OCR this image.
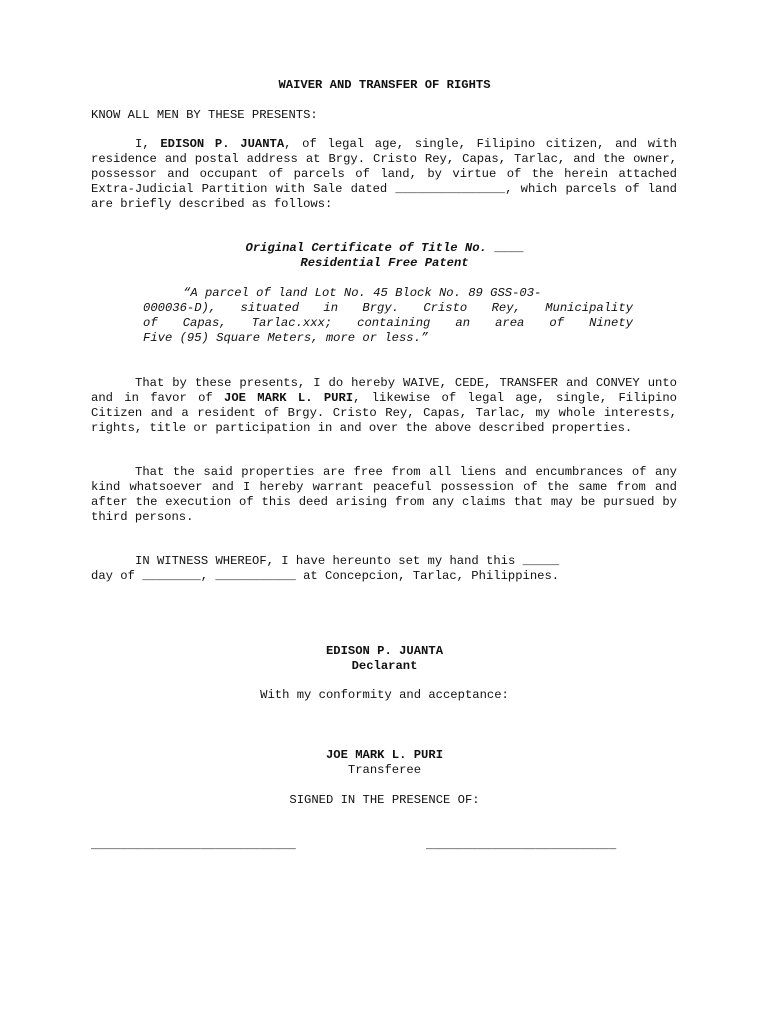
WAIVER AND TRANSFER OF RIGHTS
KNOW ALL MEN BY THESE PRESENTS:

I, EDISON P. JUANTA, of legal age, single, Filipino citizen, and with residence and postal address at Brgy. Cristo Rey, Capas, Tarlac, and the owner, possessor and occupant of parcels of land, by virtue of the herein attached Extra-Judicial Partition with Sale dated _______________, which parcels of land are briefly described as follows:

Original Certificate of Title No. ____
Residential Free Patent
“A parcel of land Lot No. 45 Block No. 89 GSS-03-
000036-D), situated in Brgy. Cristo Rey, Municipality
of Capas, Tarlac.xxx; containing an area of Ninety
Five (95) Square Meters, more or less.”

That by these presents, I do hereby WAIVE, CEDE, TRANSFER and CONVEY unto and in favor of JOE MARK L. PURI, likewise of legal age, single, Filipino Citizen and a resident of Brgy. Cristo Rey, Capas, Tarlac, my whole interests, rights, title or participation in and over the above described properties.

That the said properties are free from all liens and encumbrances of any kind whatsoever and I hereby warrant peaceful possession of the same from and after the execution of this deed arising from any claims that may be pursued by third persons.

IN WITNESS WHEREOF, I have hereunto set my hand this _____
day of ________, ___________ at Concepcion, Tarlac, Philippines.
EDISON P. JUANTA
Declarant
With my conformity and acceptance:
JOE MARK L. PURI
Transferee
SIGNED IN THE PRESENCE OF:
____________________________	__________________________
